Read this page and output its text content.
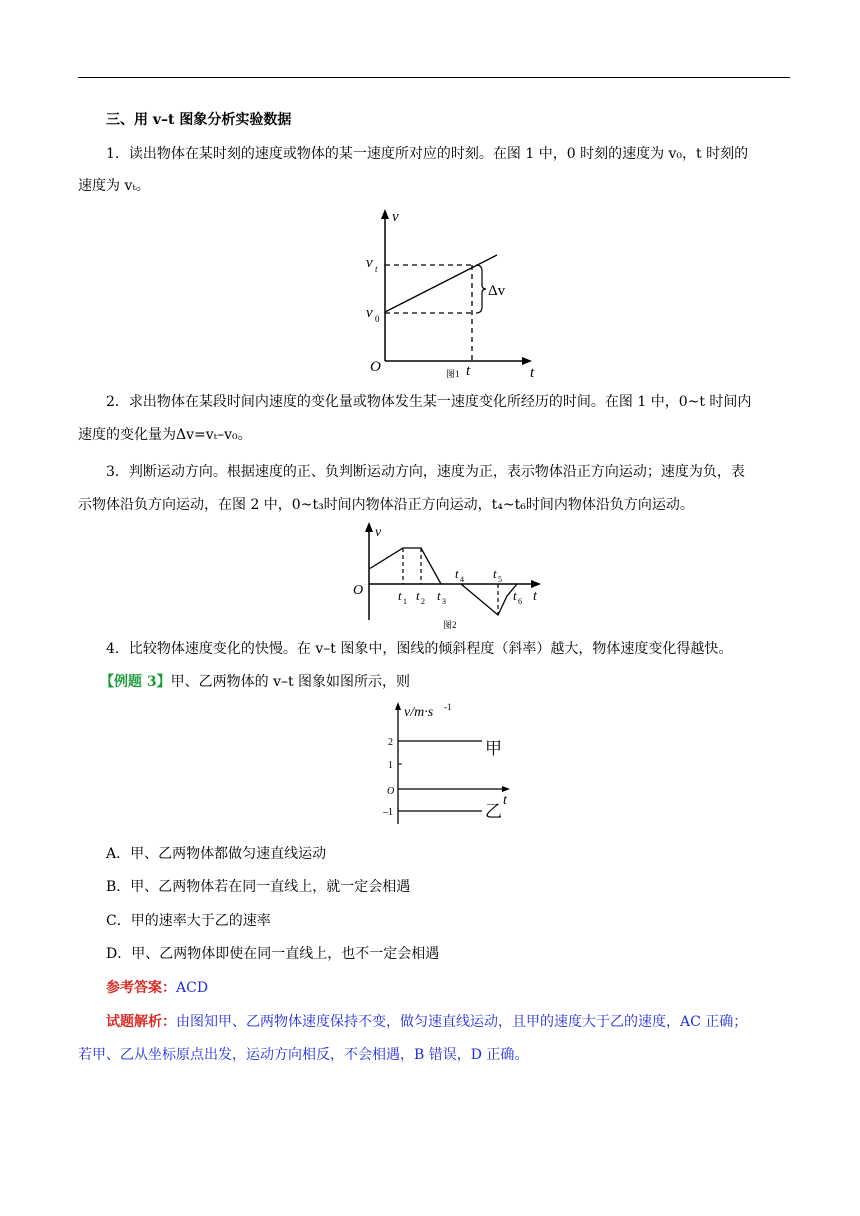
三、用 v–t 图象分析实验数据
1．读出物体在某时刻的速度或物体的某一速度所对应的时刻。在图 1 中，0 时刻的速度为 v₀，t 时刻的
速度为 vₜ。
v
t
O
v t
v 0
t
Δv
图1
2．求出物体在某段时间内速度的变化量或物体发生某一速度变化所经历的时间。在图 1 中，0~t 时间内
速度的变化量为Δv=vₜ–v₀。
3．判断运动方向。根据速度的正、负判断运动方向，速度为正，表示物体沿正方向运动；速度为负，表
示物体沿负方向运动，在图 2 中，0~t₃时间内物体沿正方向运动，t₄~t₆时间内物体沿负方向运动。
v
t
O	t 1 t 2 t 3
t 4 t 5
t 6
图2
4．比较物体速度变化的快慢。在 v–t 图象中，图线的倾斜程度（斜率）越大，物体速度变化得越快。
【例题 3】甲、乙两物体的 v–t 图象如图所示，则
v/m·s -1
t
O
2
1
–1
甲
乙
A．甲、乙两物体都做匀速直线运动
B．甲、乙两物体若在同一直线上，就一定会相遇
C．甲的速率大于乙的速率
D．甲、乙两物体即使在同一直线上，也不一定会相遇
参考答案：ACD
试题解析：由图知甲、乙两物体速度保持不变，做匀速直线运动，且甲的速度大于乙的速度，AC 正确；
若甲、乙从坐标原点出发，运动方向相反，不会相遇，B 错误，D 正确。
